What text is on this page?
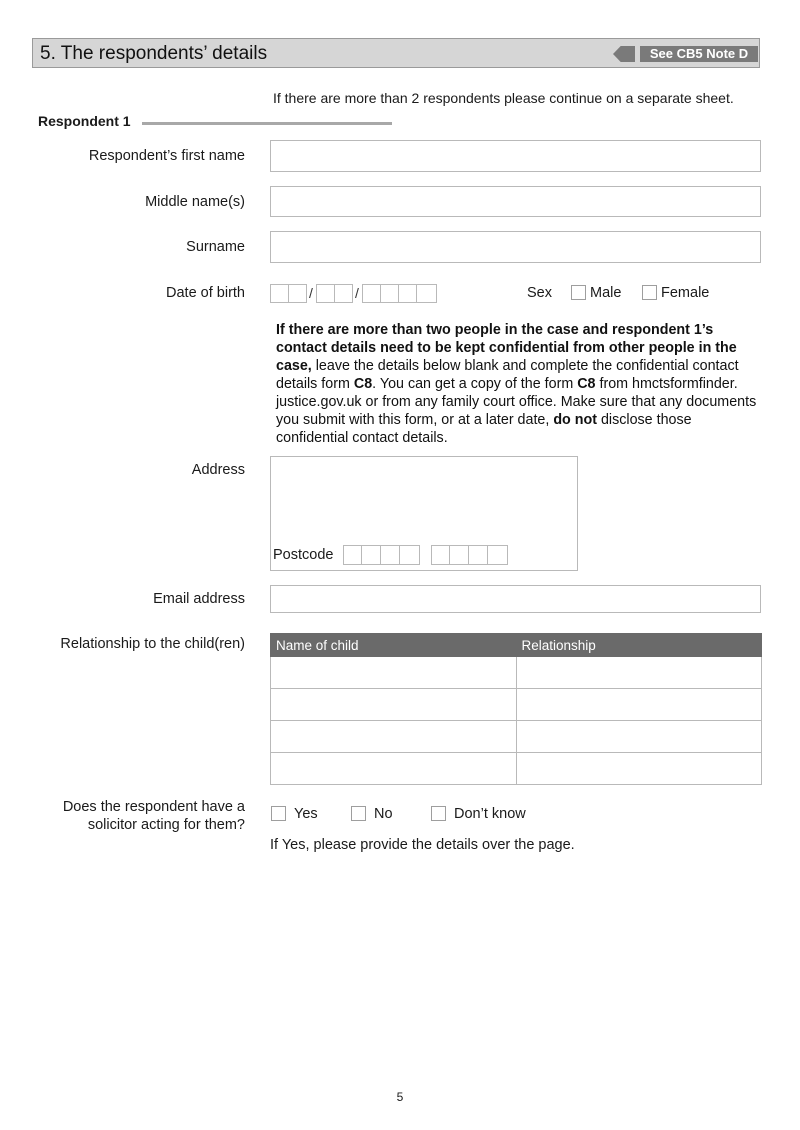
5. The respondents’ details	See CB5 Note D
If there are more than 2 respondents please continue on a separate sheet.
Respondent 1
Respondent’s first name
Middle name(s)
Surname
Date of birth	/	/	Sex	Male	Female
If there are more than two people in the case and respondent 1’s contact details need to be kept confidential from other people in the case, leave the details below blank and complete the confidential contact details form C8. You can get a copy of the form C8 from hmctsformfinder. justice.gov.uk or from any family court office. Make sure that any documents you submit with this form, or at a later date, do not disclose those confidential contact details.
Address
Postcode
Email address
Relationship to the child(ren) Name of child	Relationship

Does the respondent have a
solicitor acting for them?
Yes	No	Don’t know
If Yes, please provide the details over the page.
5
